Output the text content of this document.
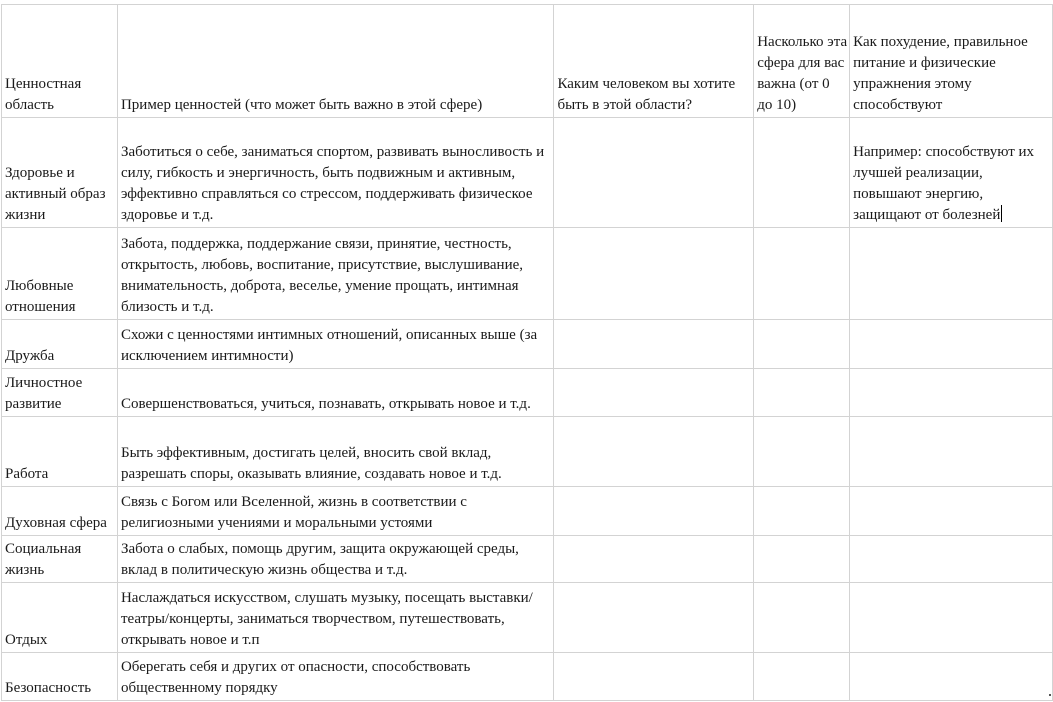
Ценностная область	Пример ценностей (что может быть важно в этой сфере)	Каким человеком вы хотите быть в этой области?	Насколько эта сфера для вас важна (от 0 до 10)	Как похудение, правильное питание и физические упражнения этому способствуют
Здоровье и активный образ жизни	Заботиться о себе, заниматься спортом, развивать выносливость и силу, гибкость и энергичность, быть подвижным и активным, эффективно справляться со стрессом, поддерживать физическое здоровье и т.д.			Например: способствуют их лучшей реализации, повышают энергию, защищают от болезней
Любовные отношения	Забота, поддержка, поддержание связи, принятие, честность, открытость, любовь, воспитание, присутствие, выслушивание, внимательность, доброта, веселье, умение прощать, интимная близость и т.д.			
Дружба	Схожи с ценностями интимных отношений, описанных выше (за исключением интимности)			
Личностное развитие	Совершенствоваться, учиться, познавать, открывать новое и т.д.			
Работа	Быть эффективным, достигать целей, вносить свой вклад, разрешать споры, оказывать влияние, создавать новое и т.д.			
Духовная сфера	Связь с Богом или Вселенной, жизнь в соответствии с религиозными учениями и моральными устоями			
Социальная жизнь	Забота о слабых, помощь другим, защита окружающей среды, вклад в политическую жизнь общества и т.д.			
Отдых	Наслаждаться искусством, слушать музыку, посещать выставки/театры/концерты, заниматься творчеством, путешествовать, открывать новое и т.п			
Безопасность	Оберегать себя и других от опасности, способствовать общественному порядку			
